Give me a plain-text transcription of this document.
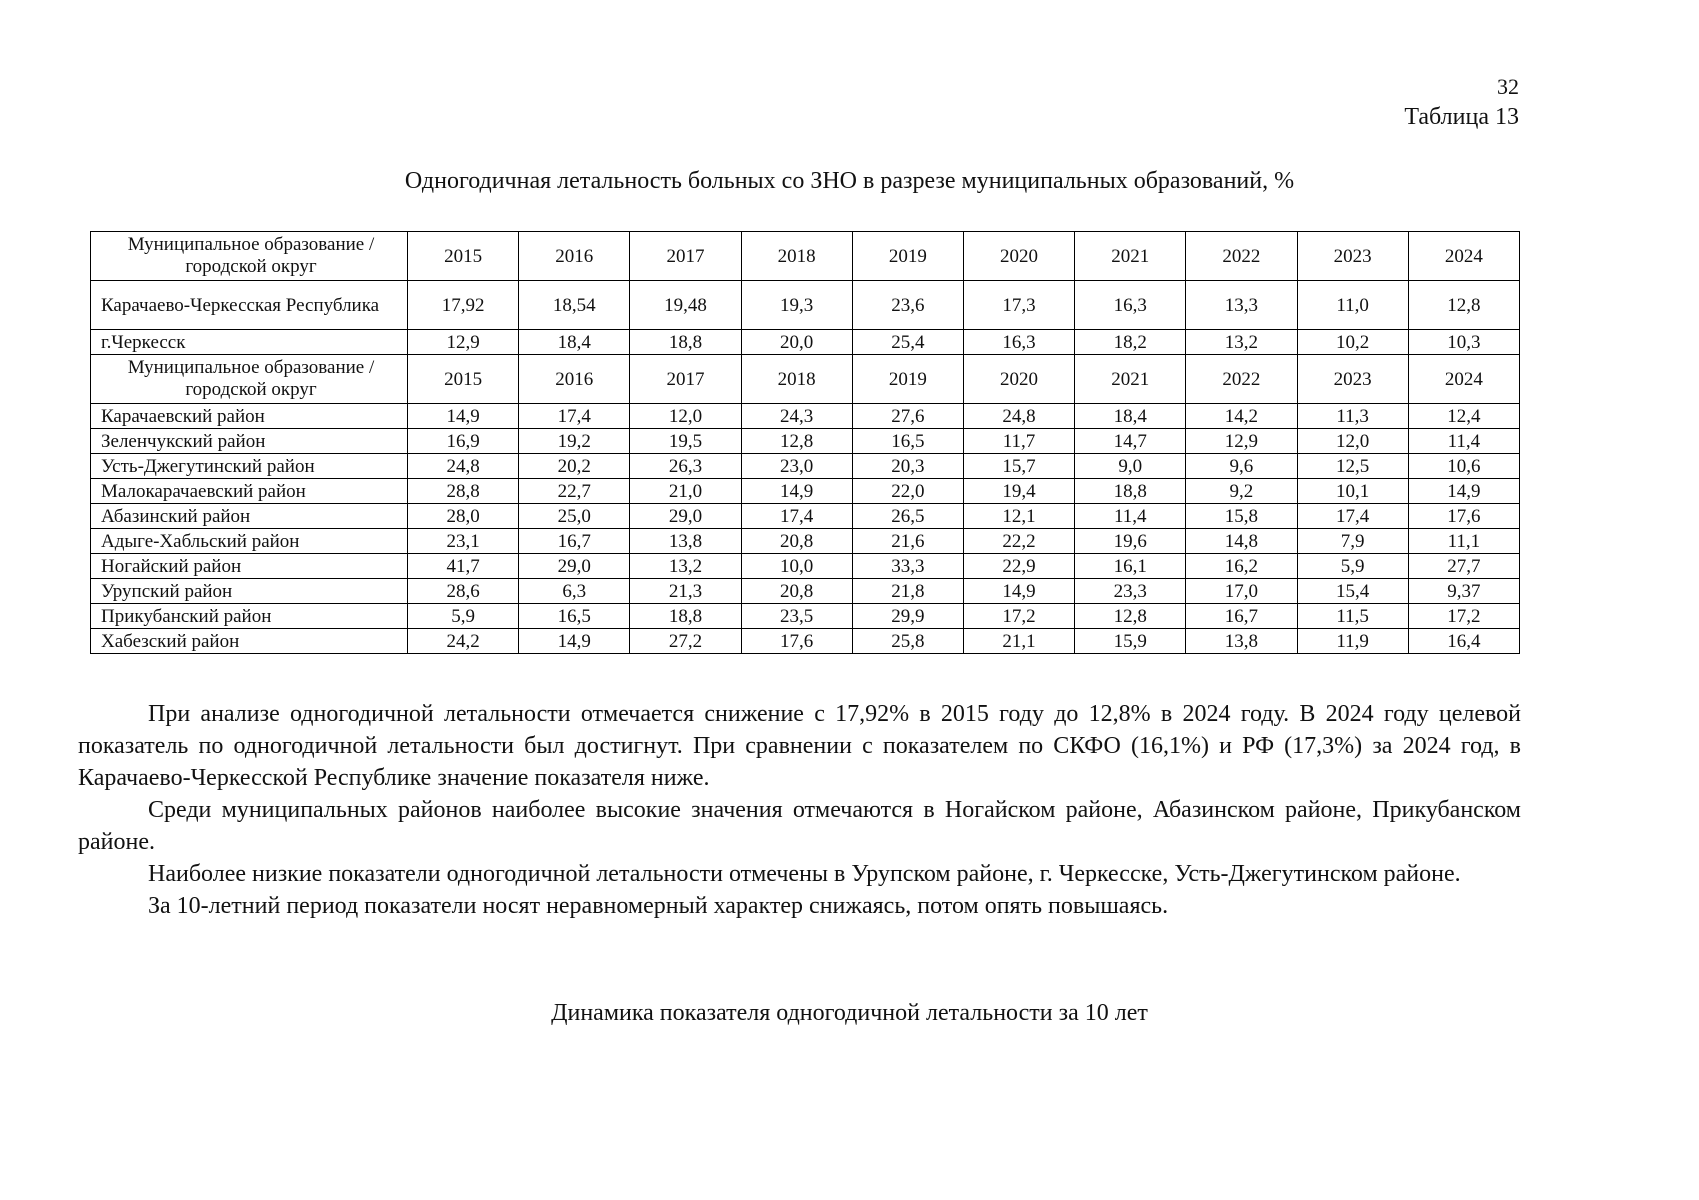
32
Таблица 13
Одногодичная летальность больных со ЗНО в разрезе муниципальных образований, %
Муниципальное образование / городской округ	2015	2016	2017	2018	2019	2020	2021	2022	2023	2024
Карачаево-Черкесская Республика	17,92	18,54	19,48	19,3	23,6	17,3	16,3	13,3	11,0	12,8
г.Черкесск	12,9	18,4	18,8	20,0	25,4	16,3	18,2	13,2	10,2	10,3
Муниципальное образование / городской округ	2015	2016	2017	2018	2019	2020	2021	2022	2023	2024
Карачаевский район	14,9	17,4	12,0	24,3	27,6	24,8	18,4	14,2	11,3	12,4
Зеленчукский район	16,9	19,2	19,5	12,8	16,5	11,7	14,7	12,9	12,0	11,4
Усть-Джегутинский район	24,8	20,2	26,3	23,0	20,3	15,7	9,0	9,6	12,5	10,6
Малокарачаевский район	28,8	22,7	21,0	14,9	22,0	19,4	18,8	9,2	10,1	14,9
Абазинский район	28,0	25,0	29,0	17,4	26,5	12,1	11,4	15,8	17,4	17,6
Адыге-Хабльский район	23,1	16,7	13,8	20,8	21,6	22,2	19,6	14,8	7,9	11,1
Ногайский район	41,7	29,0	13,2	10,0	33,3	22,9	16,1	16,2	5,9	27,7
Урупский район	28,6	6,3	21,3	20,8	21,8	14,9	23,3	17,0	15,4	9,37
Прикубанский район	5,9	16,5	18,8	23,5	29,9	17,2	12,8	16,7	11,5	17,2
Хабезский район	24,2	14,9	27,2	17,6	25,8	21,1	15,9	13,8	11,9	16,4

При анализе одногодичной летальности отмечается снижение с 17,92% в 2015 году до 12,8% в 2024 году. В 2024 году целевой показатель по одногодичной летальности был достигнут. При сравнении с показателем по СКФО (16,1%) и РФ (17,3%) за 2024 год, в Карачаево-Черкесской Республике значение показателя ниже.

Среди муниципальных районов наиболее высокие значения отмечаются в Ногайском районе, Абазинском районе, Прикубанском районе.

Наиболее низкие показатели одногодичной летальности отмечены в Урупском районе, г. Черкесске, Усть-Джегутинском районе.

За 10-летний период показатели носят неравномерный характер снижаясь, потом опять повышаясь.

Динамика показателя одногодичной летальности за 10 лет
